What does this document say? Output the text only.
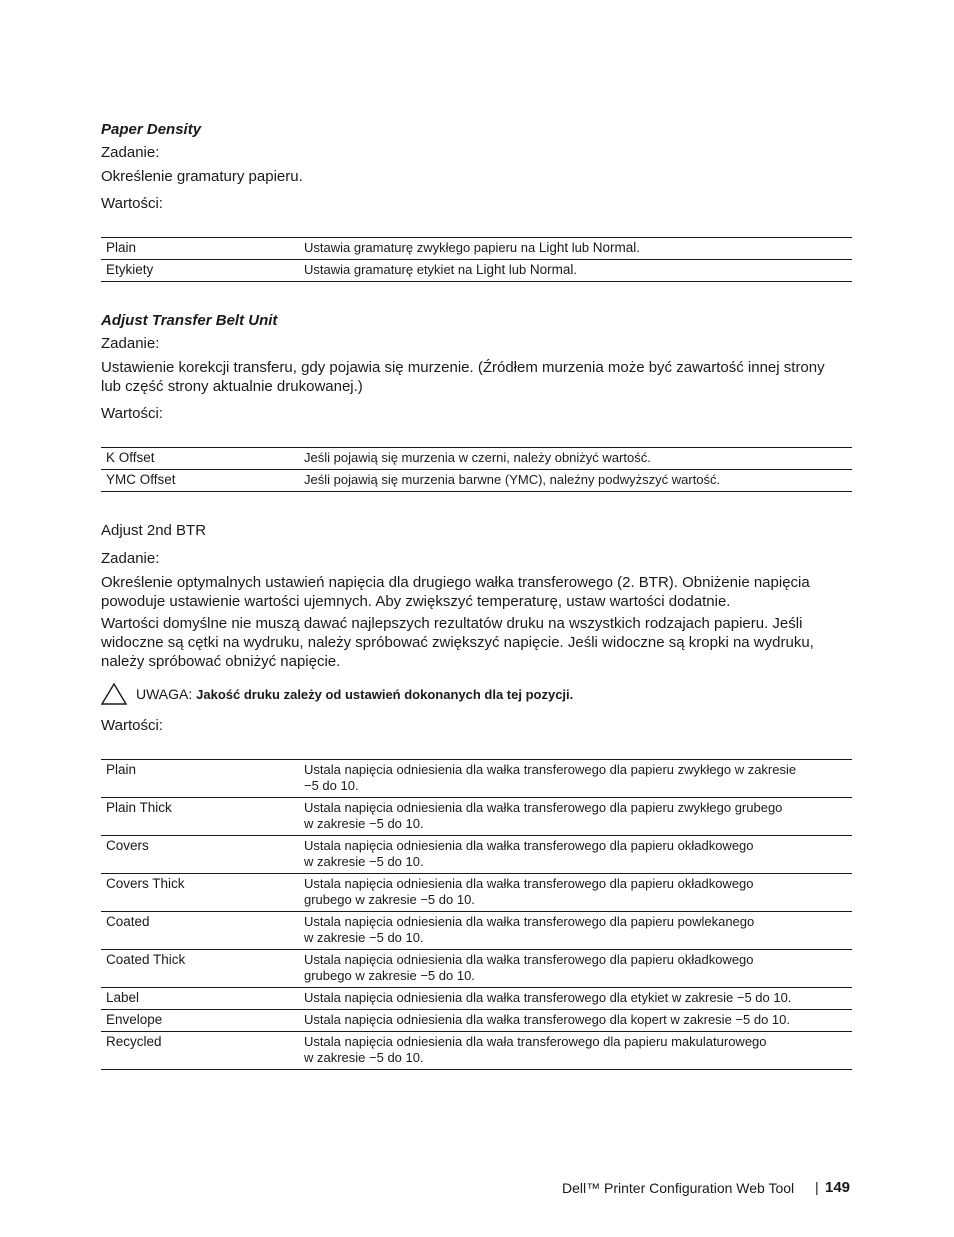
Paper Density
Zadanie:
Określenie gramatury papieru.
Wartości:
Plain	Ustawia gramaturę zwykłego papieru na Light lub Normal.
Etykiety	Ustawia gramaturę etykiet na Light lub Normal.
Adjust Transfer Belt Unit
Zadanie:
Ustawienie korekcji transferu, gdy pojawia się murzenie. (Źródłem murzenia może być zawartość innej strony lub część strony aktualnie drukowanej.)
Wartości:
K Offset	Jeśli pojawią się murzenia w czerni, należy obniżyć wartość.
YMC Offset	Jeśli pojawią się murzenia barwne (YMC), naleźny podwyższyć wartość.
Adjust 2nd BTR
Zadanie:
Określenie optymalnych ustawień napięcia dla drugiego wałka transferowego (2. BTR). Obniżenie napięcia powoduje ustawienie wartości ujemnych. Aby zwiększyć temperaturę, ustaw wartości dodatnie.
Wartości domyślne nie muszą dawać najlepszych rezultatów druku na wszystkich rodzajach papieru. Jeśli widoczne są cętki na wydruku, należy spróbować zwiększyć napięcie. Jeśli widoczne są kropki na wydruku, należy spróbować obniżyć napięcie.
UWAGA: Jakość druku zależy od ustawień dokonanych dla tej pozycji.
Wartości:
Plain	Ustala napięcia odniesienia dla wałka transferowego dla papieru zwykłego w zakresie
−5 do 10.

Plain Thick	Ustala napięcia odniesienia dla wałka transferowego dla papieru zwykłego grubego
w zakresie −5 do 10.

Covers	Ustala napięcia odniesienia dla wałka transferowego dla papieru okładkowego
w zakresie −5 do 10.

Covers Thick	Ustala napięcia odniesienia dla wałka transferowego dla papieru okładkowego
grubego w zakresie −5 do 10.

Coated	Ustala napięcia odniesienia dla wałka transferowego dla papieru powlekanego
w zakresie −5 do 10.

Coated Thick	Ustala napięcia odniesienia dla wałka transferowego dla papieru okładkowego
grubego w zakresie −5 do 10.

Label	Ustala napięcia odniesienia dla wałka transferowego dla etykiet w zakresie −5 do 10.
Envelope	Ustala napięcia odniesienia dla wałka transferowego dla kopert w zakresie −5 do 10.
Recycled	Ustala napięcia odniesienia dla wała transferowego dla papieru makulaturowego
w zakresie −5 do 10.
Dell™ Printer Configuration Web Tool | 149
